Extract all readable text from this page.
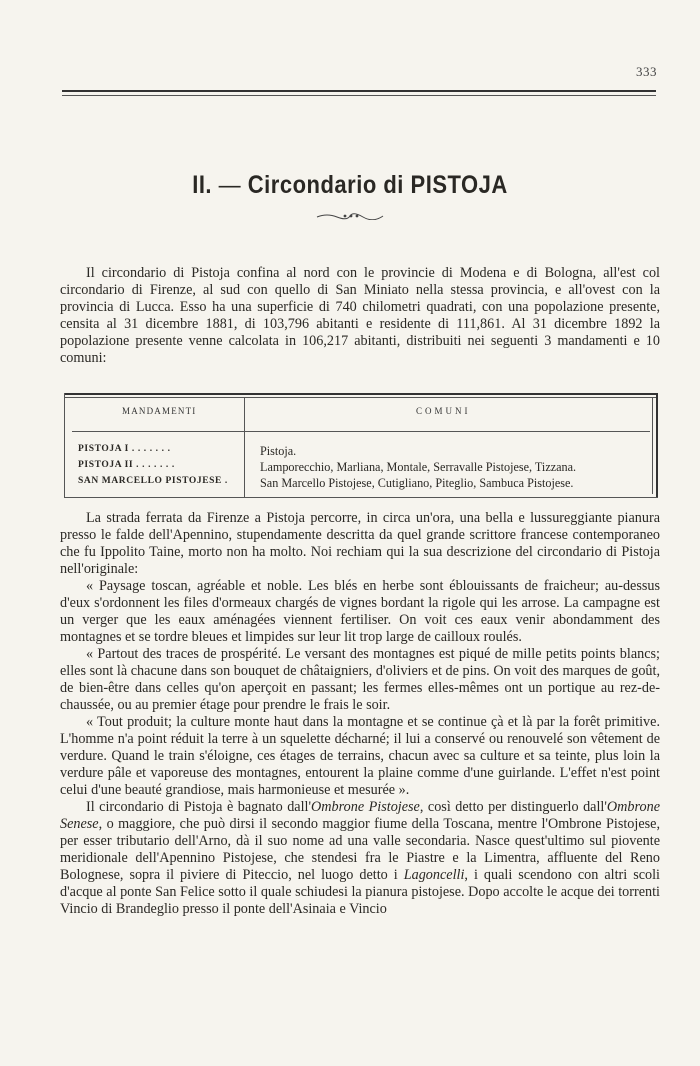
333
II. — Circondario di PISTOJA

Il circondario di Pistoja confina al nord con le provincie di Modena e di Bologna, all'est col circondario di Firenze, al sud con quello di San Miniato nella stessa provincia, e all'ovest con la provincia di Lucca. Esso ha una superficie di 740 chilometri quadrati, con una popolazione presente, censita al 31 dicembre 1881, di 103,796 abitanti e residente di 111,861. Al 31 dicembre 1892 la popolazione presente venne calcolata in 106,217 abitanti, distribuiti nei seguenti 3 mandamenti e 10 comuni:

MANDAMENTI	COMUNI
PISTOJA I . . . . . . .	Pistoja.
PISTOJA II . . . . . . .	Lamporecchio, Marliana, Montale, Serravalle Pistojese, Tizzana.
SAN MARCELLO PISTOJESE .	San Marcello Pistojese, Cutigliano, Piteglio, Sambuca Pistojese.

La strada ferrata da Firenze a Pistoja percorre, in circa un'ora, una bella e lussureggiante pianura presso le falde dell'Apennino, stupendamente descritta da quel grande scrittore francese contemporaneo che fu Ippolito Taine, morto non ha molto. Noi rechiam qui la sua descrizione del circondario di Pistoja nell'originale:

« Paysage toscan, agréable et noble. Les blés en herbe sont éblouissants de fraicheur; au-dessus d'eux s'ordonnent les files d'ormeaux chargés de vignes bordant la rigole qui les arrose. La campagne est un verger que les eaux aménagées viennent fertiliser. On voit ces eaux venir abondamment des montagnes et se tordre bleues et limpides sur leur lit trop large de cailloux roulés.

« Partout des traces de prospérité. Le versant des montagnes est piqué de mille petits points blancs; elles sont là chacune dans son bouquet de châtaigniers, d'oliviers et de pins. On voit des marques de goût, de bien-être dans celles qu'on aperçoit en passant; les fermes elles-mêmes ont un portique au rez-de-chaussée, ou au premier étage pour prendre le frais le soir.

« Tout produit; la culture monte haut dans la montagne et se continue çà et là par la forêt primitive. L'homme n'a point réduit la terre à un squelette décharné; il lui a conservé ou renouvelé son vêtement de verdure. Quand le train s'éloigne, ces étages de terrains, chacun avec sa culture et sa teinte, plus loin la verdure pâle et vaporeuse des montagnes, entourent la plaine comme d'une guirlande. L'effet n'est point celui d'une beauté grandiose, mais harmonieuse et mesurée ».

Il circondario di Pistoja è bagnato dall'Ombrone Pistojese, così detto per distinguerlo dall'Ombrone Senese, o maggiore, che può dirsi il secondo maggior fiume della Toscana, mentre l'Ombrone Pistojese, per esser tributario dell'Arno, dà il suo nome ad una valle secondaria. Nasce quest'ultimo sul piovente meridionale dell'Apennino Pistojese, che stendesi fra le Piastre e la Limentra, affluente del Reno Bolognese, sopra il piviere di Piteccio, nel luogo detto i Lagoncelli, i quali scendono con altri scoli d'acque al ponte San Felice sotto il quale schiudesi la pianura pistojese. Dopo accolte le acque dei torrenti Vincio di Brandeglio presso il ponte dell'Asinaia e Vincio
